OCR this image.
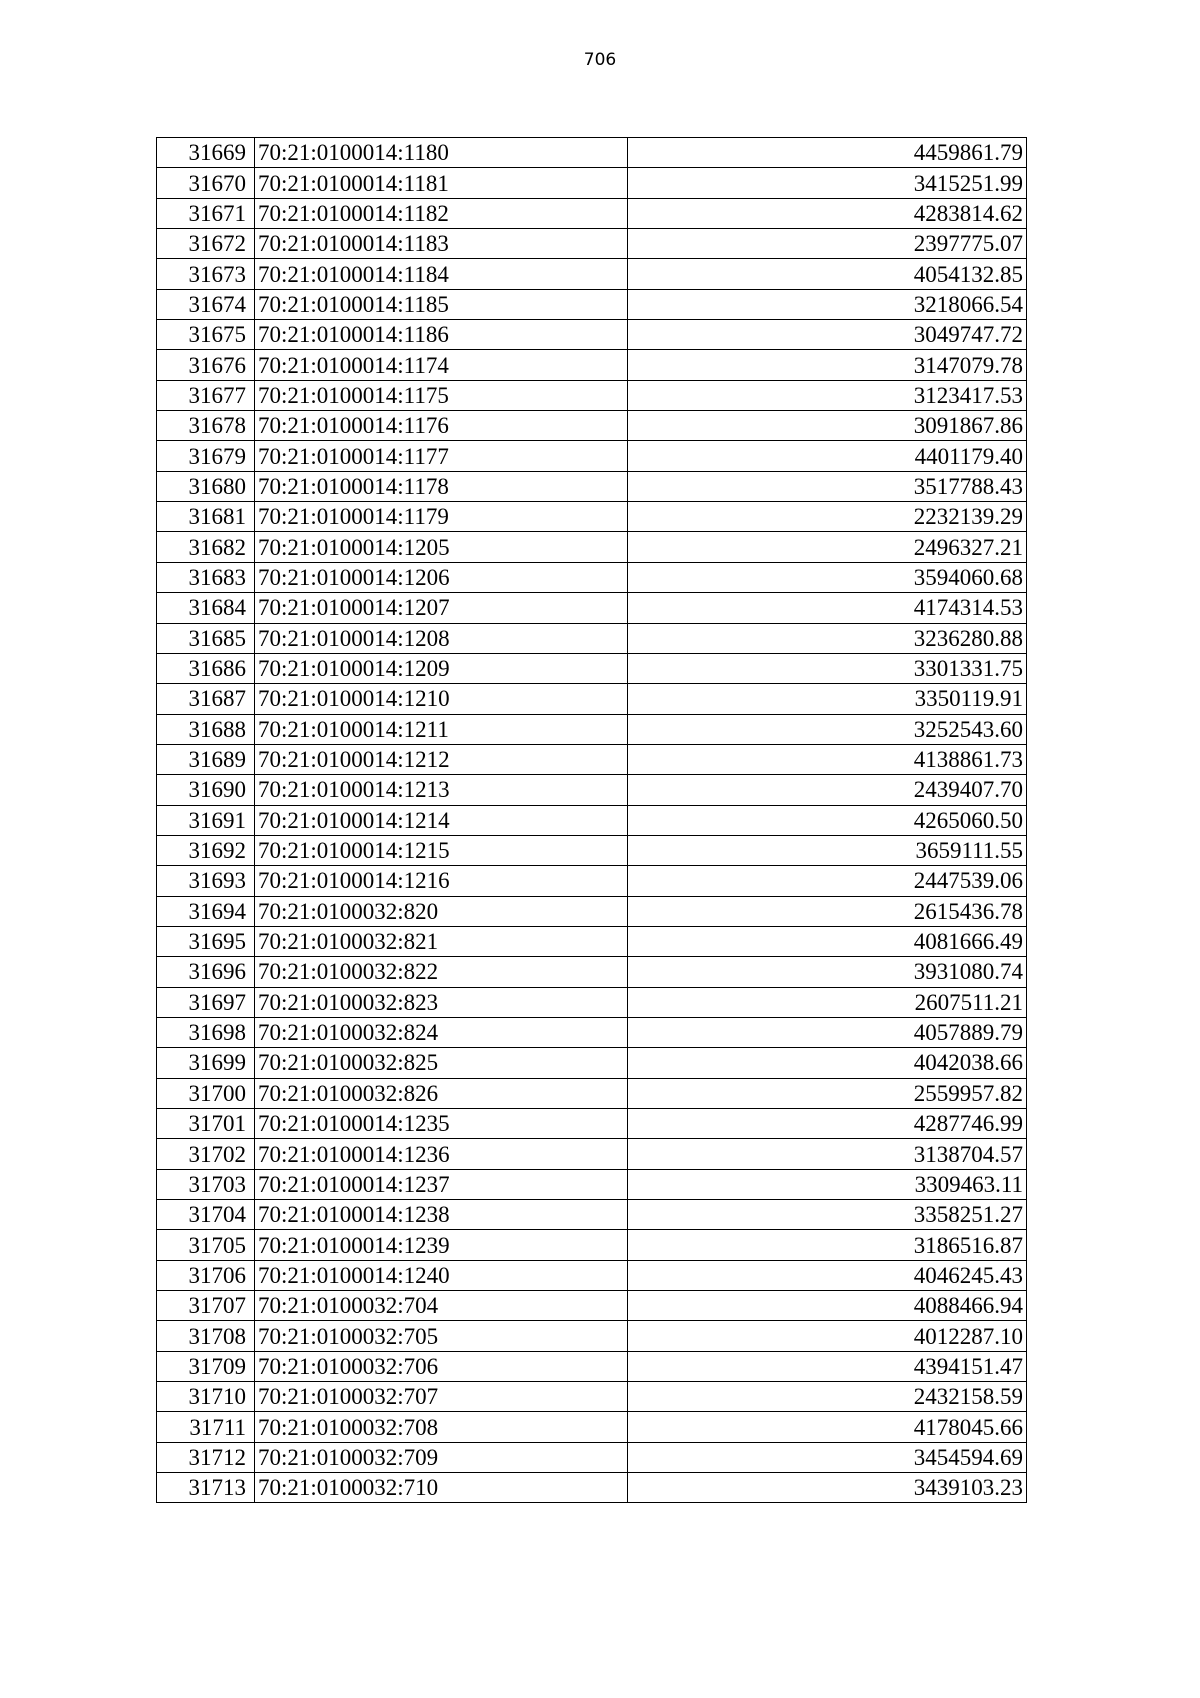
706
31669	70:21:0100014:1180	4459861.79
31670	70:21:0100014:1181	3415251.99
31671	70:21:0100014:1182	4283814.62
31672	70:21:0100014:1183	2397775.07
31673	70:21:0100014:1184	4054132.85
31674	70:21:0100014:1185	3218066.54
31675	70:21:0100014:1186	3049747.72
31676	70:21:0100014:1174	3147079.78
31677	70:21:0100014:1175	3123417.53
31678	70:21:0100014:1176	3091867.86
31679	70:21:0100014:1177	4401179.40
31680	70:21:0100014:1178	3517788.43
31681	70:21:0100014:1179	2232139.29
31682	70:21:0100014:1205	2496327.21
31683	70:21:0100014:1206	3594060.68
31684	70:21:0100014:1207	4174314.53
31685	70:21:0100014:1208	3236280.88
31686	70:21:0100014:1209	3301331.75
31687	70:21:0100014:1210	3350119.91
31688	70:21:0100014:1211	3252543.60
31689	70:21:0100014:1212	4138861.73
31690	70:21:0100014:1213	2439407.70
31691	70:21:0100014:1214	4265060.50
31692	70:21:0100014:1215	3659111.55
31693	70:21:0100014:1216	2447539.06
31694	70:21:0100032:820	2615436.78
31695	70:21:0100032:821	4081666.49
31696	70:21:0100032:822	3931080.74
31697	70:21:0100032:823	2607511.21
31698	70:21:0100032:824	4057889.79
31699	70:21:0100032:825	4042038.66
31700	70:21:0100032:826	2559957.82
31701	70:21:0100014:1235	4287746.99
31702	70:21:0100014:1236	3138704.57
31703	70:21:0100014:1237	3309463.11
31704	70:21:0100014:1238	3358251.27
31705	70:21:0100014:1239	3186516.87
31706	70:21:0100014:1240	4046245.43
31707	70:21:0100032:704	4088466.94
31708	70:21:0100032:705	4012287.10
31709	70:21:0100032:706	4394151.47
31710	70:21:0100032:707	2432158.59
31711	70:21:0100032:708	4178045.66
31712	70:21:0100032:709	3454594.69
31713	70:21:0100032:710	3439103.23
